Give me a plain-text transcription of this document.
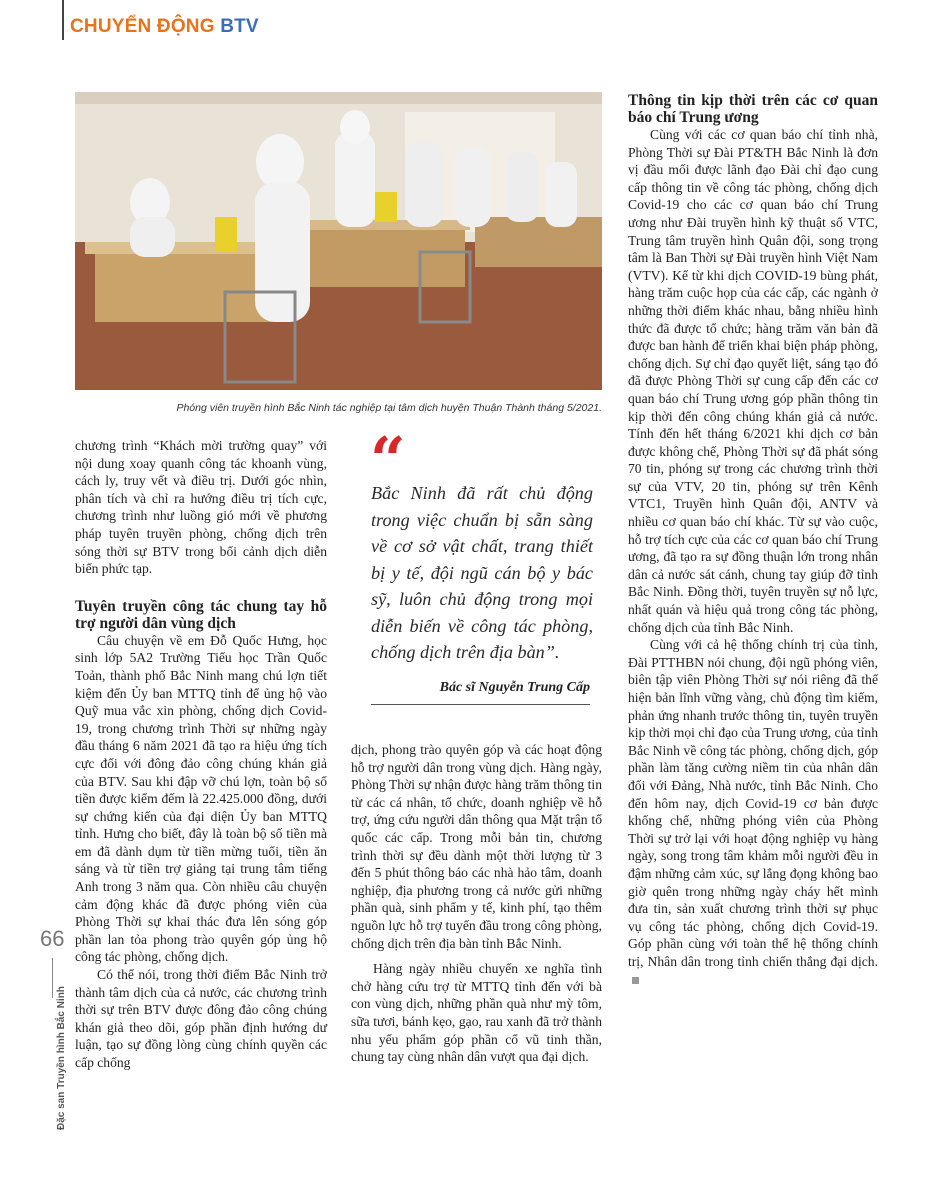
CHUYỂN ĐỘNG BTV
Phóng viên truyền hình Bắc Ninh tác nghiệp tại tâm dịch huyện Thuận Thành tháng 5/2021.

chương trình “Khách mời trường quay” với nội dung xoay quanh công tác khoanh vùng, cách ly, truy vết và điều trị. Dưới góc nhìn, phân tích và chỉ ra hướng điều trị tích cực, chương trình như luồng gió mới về phương pháp tuyên truyền phòng, chống dịch trên sóng thời sự BTV trong bối cảnh dịch diễn biến phức tạp.

Tuyên truyền công tác chung tay hỗ trợ người dân vùng dịch

Câu chuyện về em Đỗ Quốc Hưng, học sinh lớp 5A2 Trường Tiểu học Trần Quốc Toản, thành phố Bắc Ninh mang chú lợn tiết kiệm đến Ủy ban MTTQ tỉnh để ủng hộ vào Quỹ mua vắc xin phòng, chống dịch Covid-19, trong chương trình Thời sự những ngày đầu tháng 6 năm 2021 đã tạo ra hiệu ứng tích cực đối với đông đảo công chúng khán giả của BTV. Sau khi đập vỡ chú lợn, toàn bộ số tiền được kiểm đếm là 22.425.000 đồng, dưới sự chứng kiến của đại diện Ủy ban MTTQ tỉnh. Hưng cho biết, đây là toàn bộ số tiền mà em đã dành dụm từ tiền mừng tuổi, tiền ăn sáng và từ tiền trợ giảng tại trung tâm tiếng Anh trong 3 năm qua. Còn nhiều câu chuyện cảm động khác đã được phóng viên của Phòng Thời sự khai thác đưa lên sóng góp phần lan tỏa phong trào quyên góp ủng hộ công tác phòng, chống dịch.

Có thể nói, trong thời điểm Bắc Ninh trở thành tâm dịch của cả nước, các chương trình thời sự trên BTV được đông đảo công chúng khán giả theo dõi, góp phần định hướng dư luận, tạo sự đồng lòng cùng chính quyền các cấp chống

“
Bắc Ninh đã rất chủ động trong việc chuẩn bị sẵn sàng về cơ sở vật chất, trang thiết bị y tế, đội ngũ cán bộ y bác sỹ, luôn chủ động trong mọi diễn biến về công tác phòng, chống dịch trên địa bàn”.
Bác sĩ Nguyễn Trung Cấp

dịch, phong trào quyên góp và các hoạt động hỗ trợ người dân trong vùng dịch. Hàng ngày, Phòng Thời sự nhận được hàng trăm thông tin từ các cá nhân, tổ chức, doanh nghiệp về hỗ trợ, ứng cứu người dân thông qua Mặt trận tổ quốc các cấp. Trong mỗi bản tin, chương trình thời sự đều dành một thời lượng từ 3 đến 5 phút thông báo các nhà hảo tâm, doanh nghiệp, địa phương trong cả nước gửi những phần quà, sinh phẩm y tế, kinh phí, tạo thêm nguồn lực hỗ trợ tuyến đầu trong công phòng, chống dịch trên địa bàn tỉnh Bắc Ninh.

Hàng ngày nhiều chuyến xe nghĩa tình chở hàng cứu trợ từ MTTQ tỉnh đến với bà con vùng dịch, những phần quà như mỳ tôm, sữa tươi, bánh kẹo, gạo, rau xanh đã trở thành nhu yếu phẩm góp phần cổ vũ tinh thần, chung tay cùng nhân dân vượt qua đại dịch.

Thông tin kịp thời trên các cơ quan báo chí Trung ương

Cùng với các cơ quan báo chí tỉnh nhà, Phòng Thời sự Đài PT&TH Bắc Ninh là đơn vị đầu mối được lãnh đạo Đài chỉ đạo cung cấp thông tin về công tác phòng, chống dịch Covid-19 cho các cơ quan báo chí Trung ương như Đài truyền hình kỹ thuật số VTC, Trung tâm truyền hình Quân đội, song trọng tâm là Ban Thời sự Đài truyền hình Việt Nam (VTV). Kể từ khi dịch COVID-19 bùng phát, hàng trăm cuộc họp của các cấp, các ngành ở những thời điểm khác nhau, bằng nhiều hình thức đã được tổ chức; hàng trăm văn bản đã được ban hành để triển khai biện pháp phòng, chống dịch. Sự chỉ đạo quyết liệt, sáng tạo đó đã được Phòng Thời sự cung cấp đến các cơ quan báo chí Trung ương góp phần thông tin kịp thời đến công chúng khán giả cả nước. Tính đến hết tháng 6/2021 khi dịch cơ bản được không chế, Phòng Thời sự đã phát sóng 70 tin, phóng sự trong các chương trình thời sự của VTV, 20 tin, phóng sự trên Kênh VTC1, Truyền hình Quân đội, ANTV và nhiều cơ quan báo chí khác. Từ sự vào cuộc, hỗ trợ tích cực của các cơ quan báo chí Trung ương, đã tạo ra sự đồng thuận lớn trong nhân dân cả nước sát cánh, chung tay giúp đỡ tỉnh Bắc Ninh. Đồng thời, tuyên truyền sự nỗ lực, nhất quán và hiệu quả trong công tác phòng, chống dịch của tỉnh Bắc Ninh.

Cùng với cả hệ thống chính trị của tỉnh, Đài PTTHBN nói chung, đội ngũ phóng viên, biên tập viên Phòng Thời sự nói riêng đã thể hiện bản lĩnh vững vàng, chủ động tìm kiếm, phản ứng nhanh trước thông tin, tuyên truyền kịp thời mọi chỉ đạo của Trung ương, của tỉnh Bắc Ninh về công tác phòng, chống dịch, góp phần làm tăng cường niềm tin của nhân dân đối với Đảng, Nhà nước, tỉnh Bắc Ninh. Cho đến hôm nay, dịch Covid-19 cơ bản được khống chế, những phóng viên của Phòng Thời sự trở lại với hoạt động nghiệp vụ hàng ngày, song trong tâm khảm mỗi người đều in đậm những cảm xúc, sự lắng đọng không bao giờ quên trong những ngày cháy hết mình đưa tin, sản xuất chương trình thời sự phục vụ công tác phòng, chống dịch Covid-19. Góp phần cùng với toàn thể hệ thống chính trị, Nhân dân trong tỉnh chiến thắng đại dịch.

66
Đặc san Truyền hình Bắc Ninh
